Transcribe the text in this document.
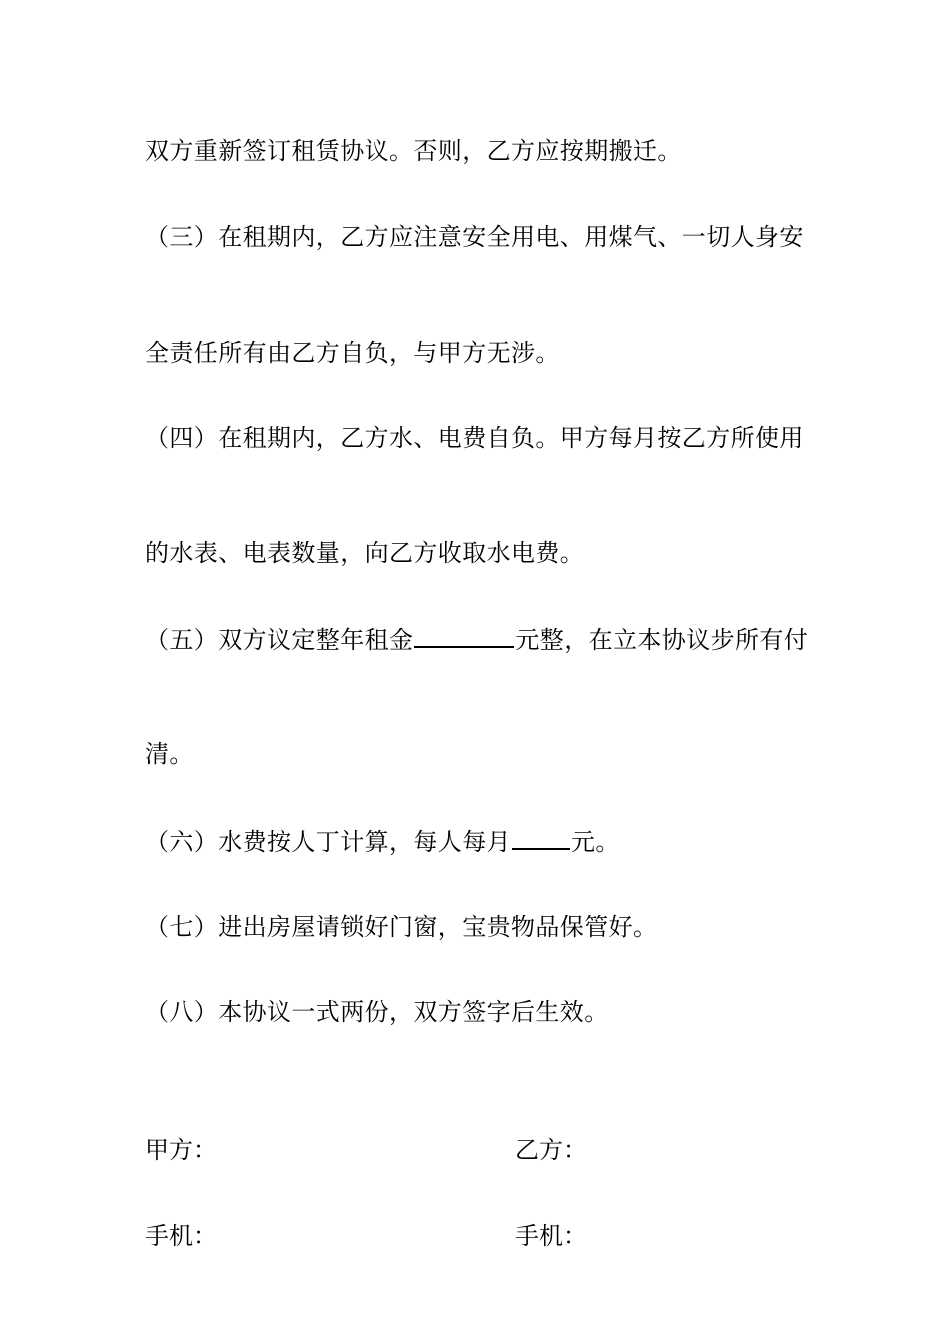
双方重新签订租赁协议。否则，乙方应按期搬迁。
（三）在租期内，乙方应注意安全用电、用煤气、一切人身安
全责任所有由乙方自负，与甲方无涉。
（四）在租期内，乙方水、电费自负。甲方每月按乙方所使用
的水表、电表数量，向乙方收取水电费。
（五）双方议定整年租金	元整，在立本协议步所有付
清。
（六）水费按人丁计算，每人每月	元。
（七）进出房屋请锁好门窗，宝贵物品保管好。
（八）本协议一式两份，双方签字后生效。
甲方：	乙方：
手机：	手机：
